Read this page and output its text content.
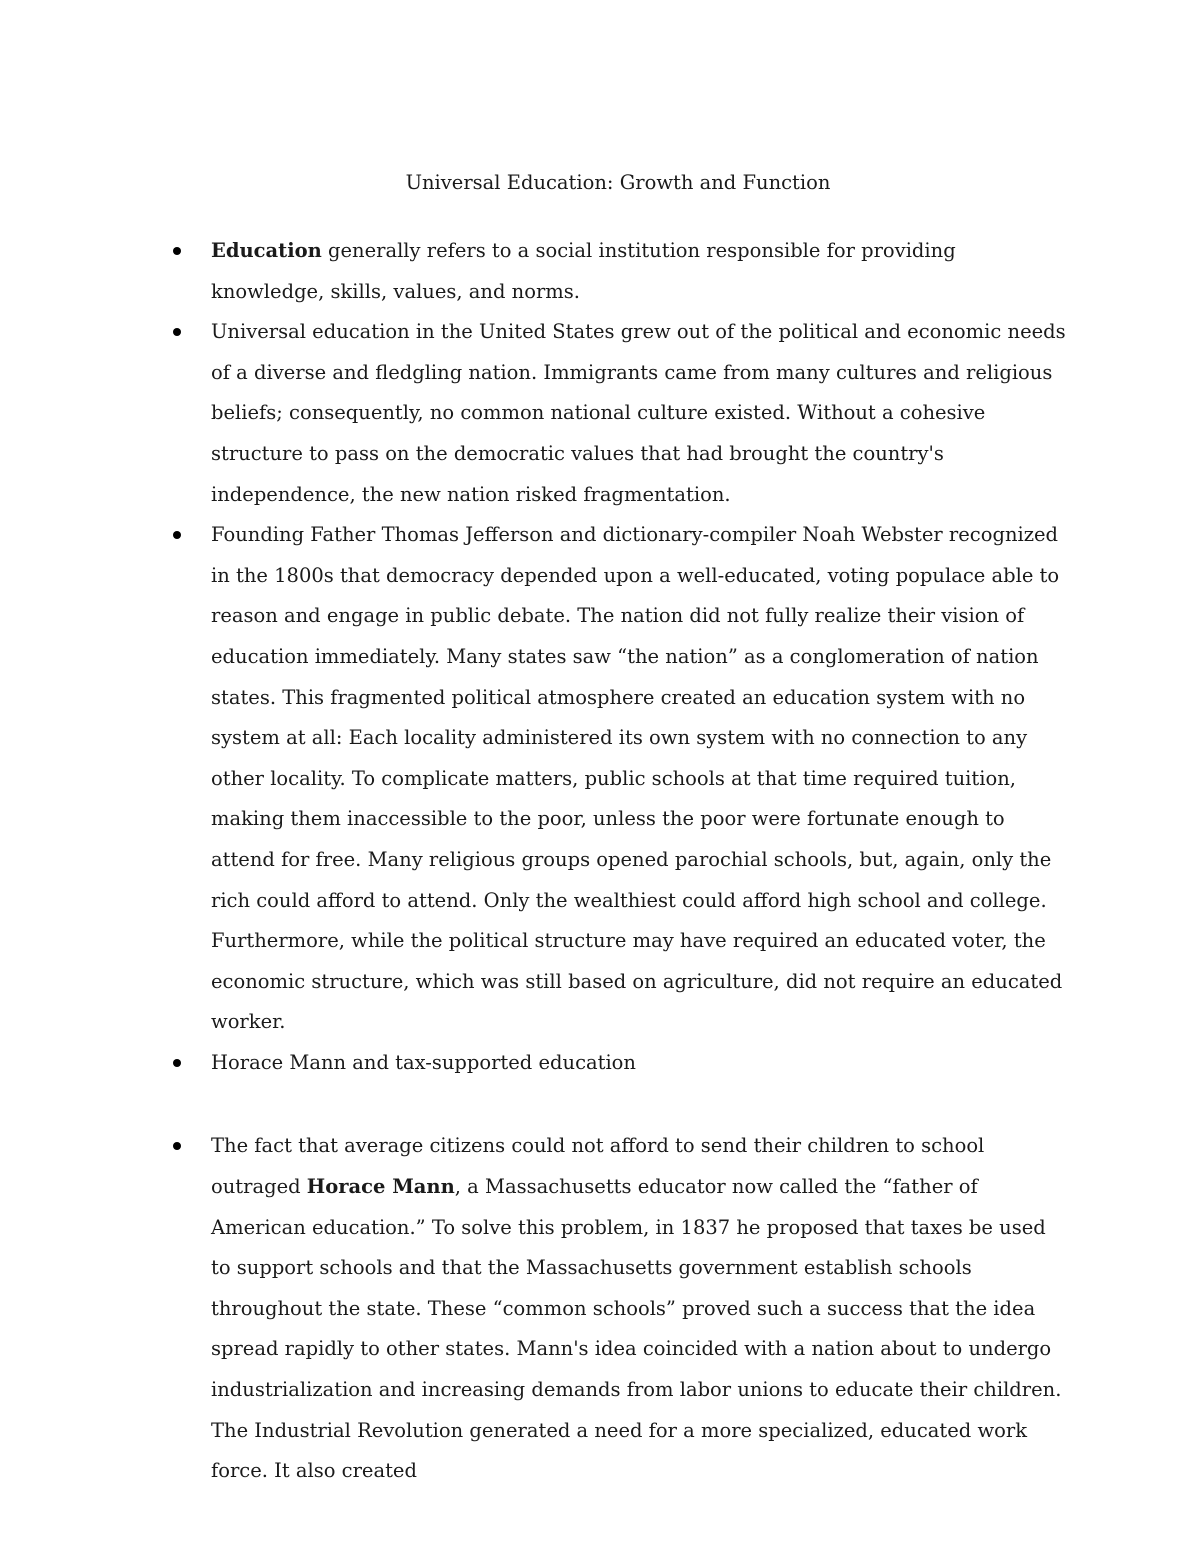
Universal Education: Growth and Function
Education generally refers to a social institution responsible for providing knowledge, skills, values, and norms.
Universal education in the United States grew out of the political and economic needs of a diverse and fledgling nation. Immigrants came from many cultures and religious beliefs; consequently, no common national culture existed. Without a cohesive structure to pass on the democratic values that had brought the country's independence, the new nation risked fragmentation.
Founding Father Thomas Jefferson and dictionary-compiler Noah Webster recognized in the 1800s that democracy depended upon a well-educated, voting populace able to reason and engage in public debate. The nation did not fully realize their vision of education immediately. Many states saw “the nation” as a conglomeration of nation states. This fragmented political atmosphere created an education system with no system at all: Each locality administered its own system with no connection to any other locality. To complicate matters, public schools at that time required tuition, making them inaccessible to the poor, unless the poor were fortunate enough to attend for free. Many religious groups opened parochial schools, but, again, only the rich could afford to attend. Only the wealthiest could afford high school and college. Furthermore, while the political structure may have required an educated voter, the economic structure, which was still based on agriculture, did not require an educated worker.
Horace Mann and tax-supported education
The fact that average citizens could not afford to send their children to school outraged Horace Mann, a Massachusetts educator now called the “father of American education.” To solve this problem, in 1837 he proposed that taxes be used to support schools and that the Massachusetts government establish schools throughout the state. These “common schools” proved such a success that the idea spread rapidly to other states. Mann's idea coincided with a nation about to undergo industrialization and increasing demands from labor unions to educate their children. The Industrial Revolution generated a need for a more specialized, educated work force. It also created
